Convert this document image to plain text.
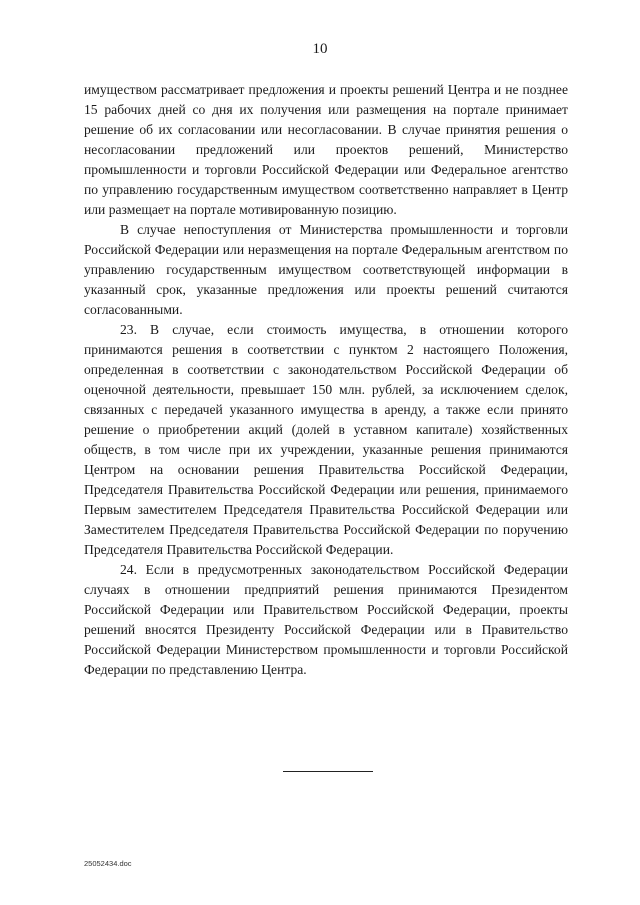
10

имуществом рассматривает предложения и проекты решений Центра и не позднее 15 рабочих дней со дня их получения или размещения на портале принимает решение об их согласовании или несогласовании. В случае принятия решения о несогласовании предложений или проектов решений, Министерство промышленности и торговли Российской Федерации или Федеральное агентство по управлению государственным имуществом соответственно направляет в Центр или размещает на портале мотивированную позицию.

В случае непоступления от Министерства промышленности и торговли Российской Федерации или неразмещения на портале Федеральным агентством по управлению государственным имуществом соответствующей информации в указанный срок, указанные предложения или проекты решений считаются согласованными.

23. В случае, если стоимость имущества, в отношении которого принимаются решения в соответствии с пунктом 2 настоящего Положения, определенная в соответствии с законодательством Российской Федерации об оценочной деятельности, превышает 150 млн. рублей, за исключением сделок, связанных с передачей указанного имущества в аренду, а также если принято решение о приобретении акций (долей в уставном капитале) хозяйственных обществ, в том числе при их учреждении, указанные решения принимаются Центром на основании решения Правительства Российской Федерации, Председателя Правительства Российской Федерации или решения, принимаемого Первым заместителем Председателя Правительства Российской Федерации или Заместителем Председателя Правительства Российской Федерации по поручению Председателя Правительства Российской Федерации.

24. Если в предусмотренных законодательством Российской Федерации случаях в отношении предприятий решения принимаются Президентом Российской Федерации или Правительством Российской Федерации, проекты решений вносятся Президенту Российской Федерации или в Правительство Российской Федерации Министерством промышленности и торговли Российской Федерации по представлению Центра.

25052434.doc
